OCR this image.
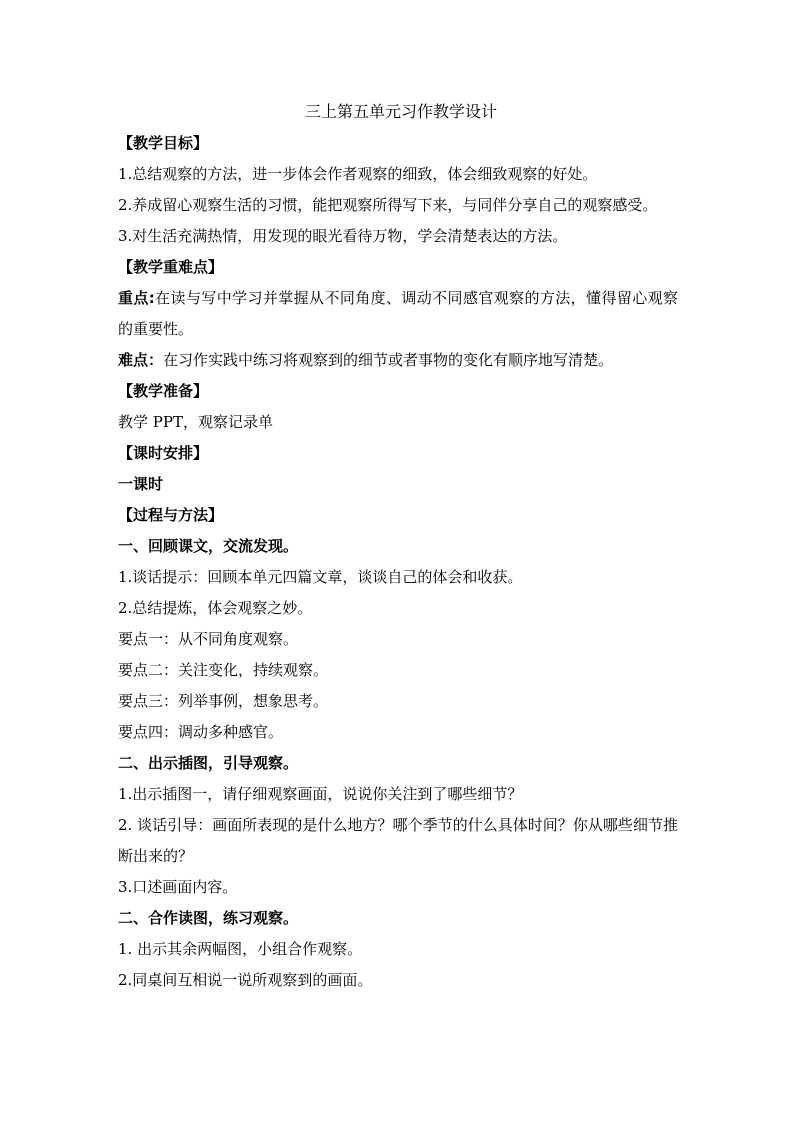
三上第五单元习作教学设计

【教学目标】

1.总结观察的方法，进一步体会作者观察的细致，体会细致观察的好处。

2.养成留心观察生活的习惯，能把观察所得写下来，与同伴分享自己的观察感受。

3.对生活充满热情，用发现的眼光看待万物，学会清楚表达的方法。

【教学重难点】

重点:在读与写中学习并掌握从不同角度、调动不同感官观察的方法，懂得留心观察的重要性。

难点：在习作实践中练习将观察到的细节或者事物的变化有顺序地写清楚。

【教学准备】

教学 PPT，观察记录单

【课时安排】

一课时

【过程与方法】

一、回顾课文，交流发现。

1.谈话提示：回顾本单元四篇文章，谈谈自己的体会和收获。

2.总结提炼，体会观察之妙。

要点一：从不同角度观察。

要点二：关注变化，持续观察。

要点三：列举事例，想象思考。

要点四：调动多种感官。

二、出示插图，引导观察。

1.出示插图一，请仔细观察画面，说说你关注到了哪些细节？

2. 谈话引导：画面所表现的是什么地方？哪个季节的什么具体时间？你从哪些细节推断出来的？

3.口述画面内容。

二、合作读图，练习观察。

1. 出示其余两幅图，小组合作观察。

2.同桌间互相说一说所观察到的画面。
